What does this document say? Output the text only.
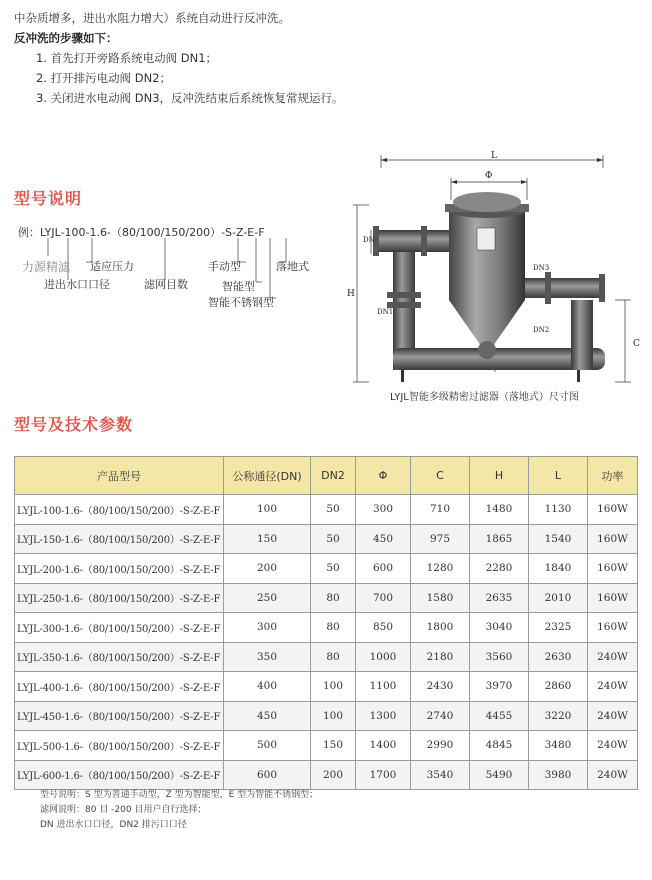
中杂质增多，进出水阻力增大）系统自动进行反冲洗。
反冲洗的步骤如下：
1. 首先打开旁路系统电动阀 DN1；
2. 打开排污电动阀 DN2；
3. 关闭进水电动阀 DN3，反冲洗结束后系统恢复常规运行。
型号说明
例：LYJL-100-1.6-（80/100/150/200）-S-Z-E-F
力源精滤 适应压力
进出水口口径	滤网目数
手动型
智能型
智能不锈钢型
落地式
L
Φ
H
C
DN
DN1
DN2
DN3
LYJL智能多级精密过滤器（落地式）尺寸图
型号及技术参数
产品型号	公称通径(DN)	DN2	Φ	C	H	L	功率
LYJL-100-1.6-（80/100/150/200）-S-Z-E-F	100	50	300	710	1480	1130	160W
LYJL-150-1.6-（80/100/150/200）-S-Z-E-F	150	50	450	975	1865	1540	160W
LYJL-200-1.6-（80/100/150/200）-S-Z-E-F	200	50	600	1280	2280	1840	160W
LYJL-250-1.6-（80/100/150/200）-S-Z-E-F	250	80	700	1580	2635	2010	160W
LYJL-300-1.6-（80/100/150/200）-S-Z-E-F	300	80	850	1800	3040	2325	160W
LYJL-350-1.6-（80/100/150/200）-S-Z-E-F	350	80	1000	2180	3560	2630	240W
LYJL-400-1.6-（80/100/150/200）-S-Z-E-F	400	100	1100	2430	3970	2860	240W
LYJL-450-1.6-（80/100/150/200）-S-Z-E-F	450	100	1300	2740	4455	3220	240W
LYJL-500-1.6-（80/100/150/200）-S-Z-E-F	500	150	1400	2990	4845	3480	240W
LYJL-600-1.6-（80/100/150/200）-S-Z-E-F	600	200	1700	3540	5490	3980	240W
型号说明：S 型为普通手动型，Z 型为智能型，E 型为智能不锈钢型；
滤网说明：80 目 -200 目用户自行选择；
DN 进出水口口径，DN2 排污口口径
